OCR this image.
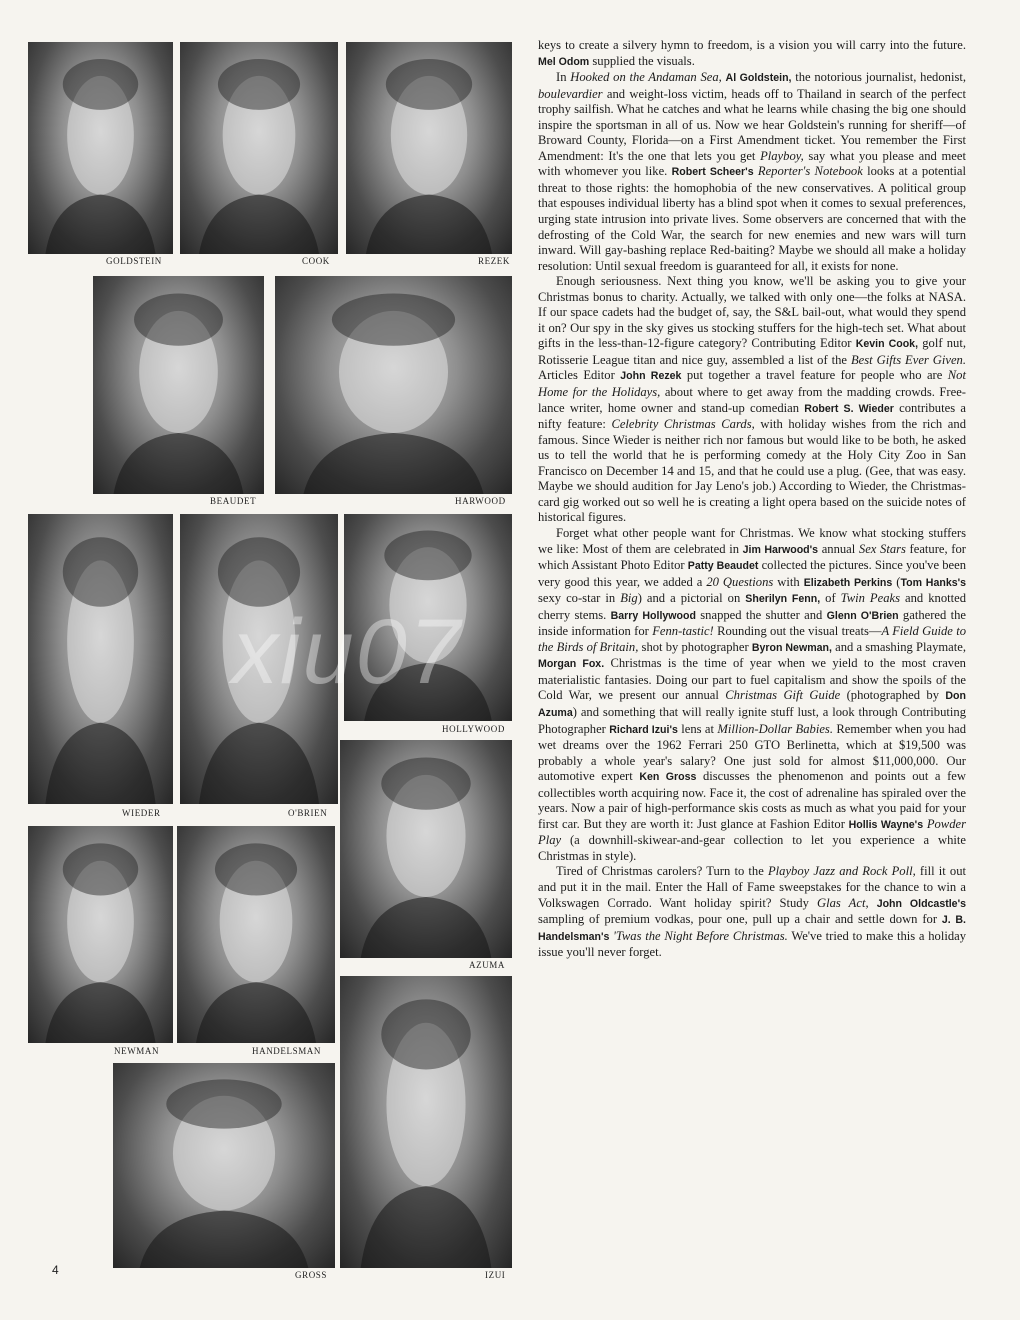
GOLDSTEIN	COOK	REZEK
BEAUDET	HARWOOD
HOLLYWOOD
WIEDER	O'BRIEN
AZUMA
NEWMAN	HANDELSMAN
GROSS	IZUI
xiu07

keys to create a silvery hymn to freedom, is a vision you will carry into the future. Mel Odom supplied the visuals.

In Hooked on the Andaman Sea, Al Goldstein, the notorious journalist, hedonist, boulevardier and weight-loss victim, heads off to Thailand in search of the perfect trophy sailfish. What he catches and what he learns while chasing the big one should inspire the sportsman in all of us. Now we hear Goldstein's running for sheriff—of Broward County, Florida—on a First Amendment ticket. You remember the First Amendment: It's the one that lets you get Playboy, say what you please and meet with whomever you like. Robert Scheer's Reporter's Notebook looks at a potential threat to those rights: the homophobia of the new conservatives. A political group that espouses individual liberty has a blind spot when it comes to sexual preferences, urging state intrusion into private lives. Some observers are concerned that with the defrosting of the Cold War, the search for new enemies and new wars will turn inward. Will gay-bashing replace Red-baiting? Maybe we should all make a holiday resolution: Until sexual freedom is guaranteed for all, it exists for none.

Enough seriousness. Next thing you know, we'll be asking you to give your Christmas bonus to charity. Actually, we talked with only one—the folks at NASA. If our space cadets had the budget of, say, the S&L bail-out, what would they spend it on? Our spy in the sky gives us stocking stuffers for the high-tech set. What about gifts in the less-than-12-figure category? Contributing Editor Kevin Cook, golf nut, Rotisserie League titan and nice guy, assembled a list of the Best Gifts Ever Given. Articles Editor John Rezek put together a travel feature for people who are Not Home for the Holidays, about where to get away from the madding crowds. Free-lance writer, home owner and stand-up comedian Robert S. Wieder contributes a nifty feature: Celebrity Christmas Cards, with holiday wishes from the rich and famous. Since Wieder is neither rich nor famous but would like to be both, he asked us to tell the world that he is performing comedy at the Holy City Zoo in San Francisco on December 14 and 15, and that he could use a plug. (Gee, that was easy. Maybe we should audition for Jay Leno's job.) According to Wieder, the Christmas-card gig worked out so well he is creating a light opera based on the suicide notes of historical figures.

Forget what other people want for Christmas. We know what stocking stuffers we like: Most of them are celebrated in Jim Harwood's annual Sex Stars feature, for which Assistant Photo Editor Patty Beaudet collected the pictures. Since you've been very good this year, we added a 20 Questions with Elizabeth Perkins (Tom Hanks's sexy co-star in Big) and a pictorial on Sherilyn Fenn, of Twin Peaks and knotted cherry stems. Barry Hollywood snapped the shutter and Glenn O'Brien gathered the inside information for Fenn-tastic! Rounding out the visual treats—A Field Guide to the Birds of Britain, shot by photographer Byron Newman, and a smashing Playmate, Morgan Fox. Christmas is the time of year when we yield to the most craven materialistic fantasies. Doing our part to fuel capitalism and show the spoils of the Cold War, we present our annual Christmas Gift Guide (photographed by Don Azuma) and something that will really ignite stuff lust, a look through Contributing Photographer Richard Izui's lens at Million-Dollar Babies. Remember when you had wet dreams over the 1962 Ferrari 250 GTO Berlinetta, which at $19,500 was probably a whole year's salary? One just sold for almost $11,000,000. Our automotive expert Ken Gross discusses the phenomenon and points out a few collectibles worth acquiring now. Face it, the cost of adrenaline has spiraled over the years. Now a pair of high-performance skis costs as much as what you paid for your first car. But they are worth it: Just glance at Fashion Editor Hollis Wayne's Powder Play (a downhill-skiwear-and-gear collection to let you experience a white Christmas in style).

Tired of Christmas carolers? Turn to the Playboy Jazz and Rock Poll, fill it out and put it in the mail. Enter the Hall of Fame sweepstakes for the chance to win a Volkswagen Corrado. Want holiday spirit? Study Glas Act, John Oldcastle's sampling of premium vodkas, pour one, pull up a chair and settle down for J. B. Handelsman's 'Twas the Night Before Christmas. We've tried to make this a holiday issue you'll never forget.

4
